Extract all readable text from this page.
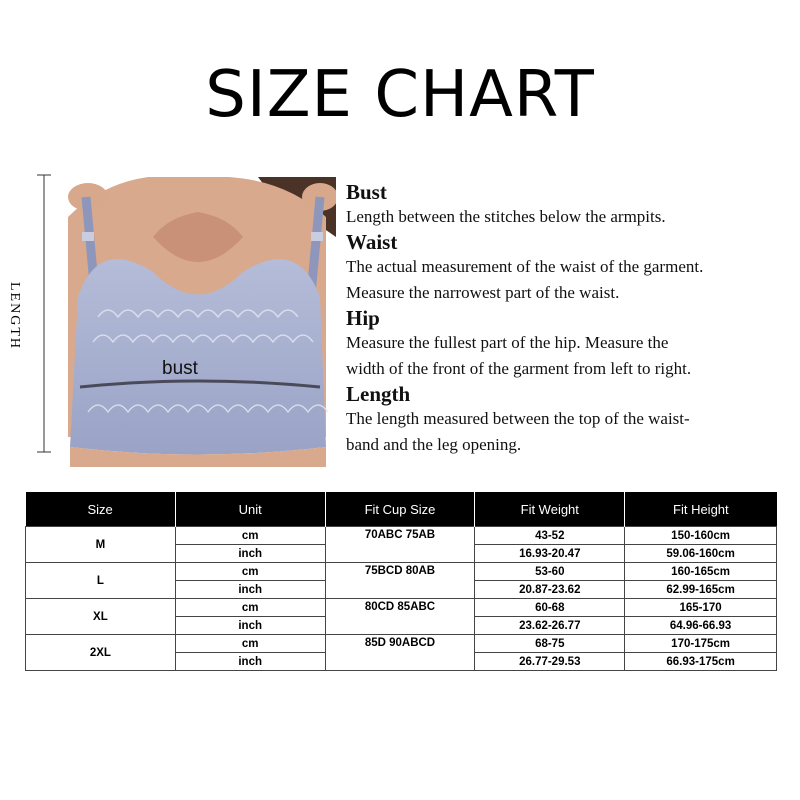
SIZE CHART
LENGTH
bust
Bust
Length between the stitches below the armpits.
Waist
The actual measurement of the waist of the garment.
Measure the narrowest part of the waist.
Hip
Measure the fullest part of the hip. Measure the
width of the front of the garment from left to right.
Length
The length measured between the top of the waist-
band and the leg opening.
Size	Unit	Fit Cup Size	Fit Weight	Fit Height
M	cm	70ABC 75AB	43-52	150-160cm
	inch		16.93-20.47	59.06-160cm
L	cm	75BCD 80AB	53-60	160-165cm
	inch		20.87-23.62	62.99-165cm
XL	cm	80CD 85ABC	60-68	165-170
	inch		23.62-26.77	64.96-66.93
2XL	cm	85D 90ABCD	68-75	170-175cm
	inch		26.77-29.53	66.93-175cm
